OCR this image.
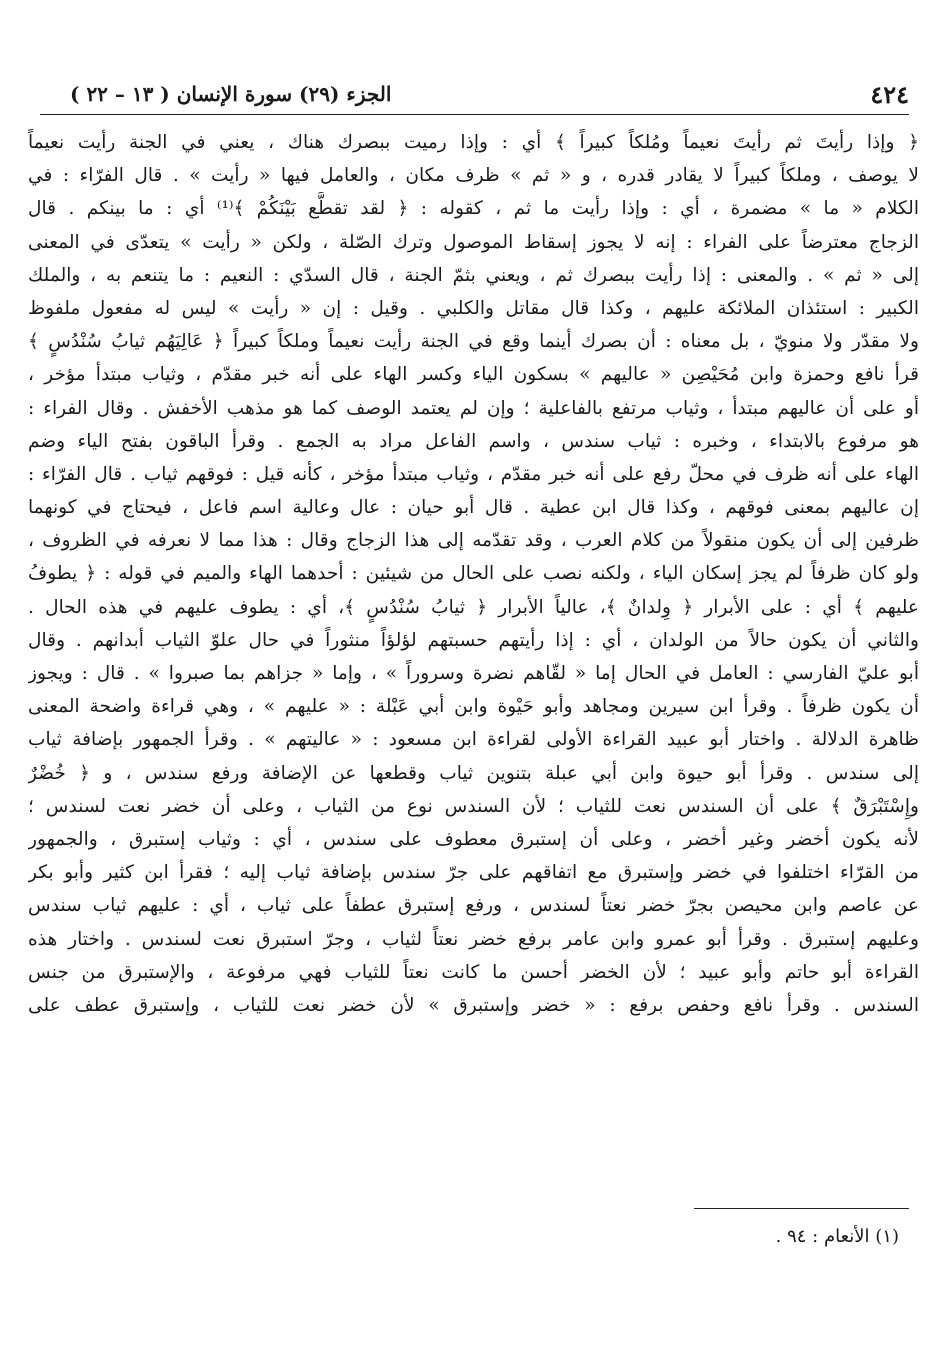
٤٢٤
الجزء (٢٩) سورة الإنسان ( ١٣ – ٢٢ )
﴿ وإذا رأيتَ ثم رأيتَ نعيماً ومُلكاً كبيراً ﴾ أي : وإذا رميت ببصرك هناك ، يعني في الجنة رأيت نعيماً
لا يوصف ، وملكاً كبيراً لا يقادر قدره ، و « ثم » ظرف مكان ، والعامل فيها « رأيت » . قال الفرّاء : في
الكلام « ما » مضمرة ، أي : وإذا رأيت ما ثم ، كقوله : ﴿ لقد تقطَّع بَيْنَكُمْ ﴾⁽¹⁾ أي : ما بينكم . قال
الزجاج معترضاً على الفراء : إنه لا يجوز إسقاط الموصول وترك الصّلة ، ولكن « رأيت » يتعدّى في المعنى
إلى « ثم » . والمعنى : إذا رأيت ببصرك ثم ، ويعني بثمّ الجنة ، قال السدّي : النعيم : ما يتنعم به ، والملك
الكبير : استئذان الملائكة عليهم ، وكذا قال مقاتل والكلبي . وقيل : إن « رأيت » ليس له مفعول ملفوظ
ولا مقدّر ولا منويّ ، بل معناه : أن بصرك أينما وقع في الجنة رأيت نعيماً وملكاً كبيراً ﴿ عَالِيَهُم ثيابُ سُنْدُسٍ ﴾
قرأ نافع وحمزة وابن مُحَيْصِن « عاليهم » بسكون الياء وكسر الهاء على أنه خبر مقدّم ، وثياب مبتدأ مؤخر ،
أو على أن عاليهم مبتدأ ، وثياب مرتفع بالفاعلية ؛ وإن لم يعتمد الوصف كما هو مذهب الأخفش . وقال الفراء :
هو مرفوع بالابتداء ، وخبره : ثياب سندس ، واسم الفاعل مراد به الجمع . وقرأ الباقون بفتح الياء وضم
الهاء على أنه ظرف في محلّ رفع على أنه خبر مقدّم ، وثياب مبتدأ مؤخر ، كأنه قيل : فوقهم ثياب . قال الفرّاء :
إن عاليهم بمعنى فوقهم ، وكذا قال ابن عطية . قال أبو حيان : عال وعالية اسم فاعل ، فيحتاج في كونهما
ظرفين إلى أن يكون منقولاً من كلام العرب ، وقد تقدّمه إلى هذا الزجاج وقال : هذا مما لا نعرفه في الظروف ،
ولو كان ظرفاً لم يجز إسكان الياء ، ولكنه نصب على الحال من شيئين : أحدهما الهاء والميم في قوله : ﴿ يطوفُ
عليهم ﴾ أي : على الأبرار ﴿ وِلدانٌ ﴾، عالياً الأبرار ﴿ ثيابُ سُنْدُسٍ ﴾، أي : يطوف عليهم في هذه الحال .
والثاني أن يكون حالاً من الولدان ، أي : إذا رأيتهم حسبتهم لؤلؤاً منثوراً في حال علوّ الثياب أبدانهم . وقال
أبو عليّ الفارسي : العامل في الحال إما « لقّاهم نضرة وسروراً » ، وإما « جزاهم بما صبروا » . قال : ويجوز
أن يكون ظرفاً . وقرأ ابن سيرين ومجاهد وأبو حَيْوة وابن أبي عَبْلة : « عليهم » ، وهي قراءة واضحة المعنى
ظاهرة الدلالة . واختار أبو عبيد القراءة الأولى لقراءة ابن مسعود : « عاليتهم » . وقرأ الجمهور بإضافة ثياب
إلى سندس . وقرأ أبو حيوة وابن أبي عبلة بتنوين ثياب وقطعها عن الإضافة ورفع سندس ، و ﴿ خُضْرٌ
وإِسْتَبْرَقٌ ﴾ على أن السندس نعت للثياب ؛ لأن السندس نوع من الثياب ، وعلى أن خضر نعت لسندس ؛
لأنه يكون أخضر وغير أخضر ، وعلى أن إستبرق معطوف على سندس ، أي : وثياب إستبرق ، والجمهور
من القرّاء اختلفوا في خضر وإستبرق مع اتفاقهم على جرّ سندس بإضافة ثياب إليه ؛ فقرأ ابن كثير وأبو بكر
عن عاصم وابن محيصن بجرّ خضر نعتاً لسندس ، ورفع إستبرق عطفاً على ثياب ، أي : عليهم ثياب سندس
وعليهم إستبرق . وقرأ أبو عمرو وابن عامر برفع خضر نعتاً لثياب ، وجرّ استبرق نعت لسندس . واختار هذه
القراءة أبو حاتم وأبو عبيد ؛ لأن الخضر أحسن ما كانت نعتاً للثياب فهي مرفوعة ، والإستبرق من جنس
السندس . وقرأ نافع وحفص برفع : « خضر وإستبرق » لأن خضر نعت للثياب ، وإستبرق عطف على
(١) الأنعام : ٩٤ .
